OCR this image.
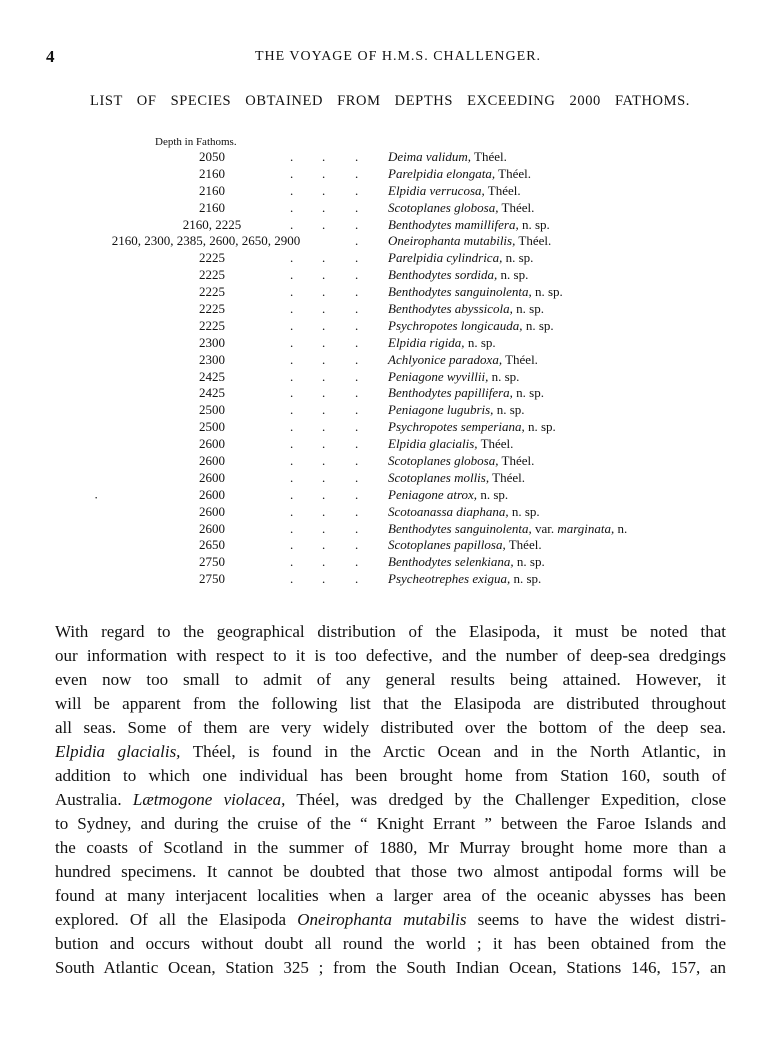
4	THE VOYAGE OF H.M.S. CHALLENGER.
LIST OF SPECIES OBTAINED FROM DEPTHS EXCEEDING 2000 FATHOMS.
Depth in Fathoms.
2050	. . . Deima validum, Théel.
2160	. . . Parelpidia elongata, Théel.
2160	. . . Elpidia verrucosa, Théel.
2160	. . . Scotoplanes globosa, Théel.
2160, 2225	. . . Benthodytes mamillifera, n. sp.
2160, 2300, 2385, 2600, 2650, 2900	. Oneirophanta mutabilis, Théel.
2225	. . . Parelpidia cylindrica, n. sp.
2225	. . . Benthodytes sordida, n. sp.
2225	. . . Benthodytes sanguinolenta, n. sp.
2225	. . . Benthodytes abyssicola, n. sp.
2225	. . . Psychropotes longicauda, n. sp.
2300	. . . Elpidia rigida, n. sp.
2300	. . . Achlyonice paradoxa, Théel.
2425	. . . Peniagone wyvillii, n. sp.
2425	. . . Benthodytes papillifera, n. sp.
2500	. . . Peniagone lugubris, n. sp.
2500	. . . Psychropotes semperiana, n. sp.
2600	. . . Elpidia glacialis, Théel.
2600	. . . Scotoplanes globosa, Théel.
2600	. . . Scotoplanes mollis, Théel.
2600	. . . Peniagone atrox, n. sp.
2600	. . . Scotoanassa diaphana, n. sp.
2600	. . . Benthodytes sanguinolenta, var. marginata, n.
2650	. . . Scotoplanes papillosa, Théel.
2750	. . . Benthodytes selenkiana, n. sp.
2750	. . . Psycheotrephes exigua, n. sp.
·
With regard to the geographical distribution of the Elasipoda, it must be noted that
our information with respect to it is too defective, and the number of deep-sea dredgings
even now too small to admit of any general results being attained. However, it
will be apparent from the following list that the Elasipoda are distributed throughout
all seas. Some of them are very widely distributed over the bottom of the deep sea.
Elpidia glacialis, Théel, is found in the Arctic Ocean and in the North Atlantic, in
addition to which one individual has been brought home from Station 160, south of
Australia. Lætmogone violacea, Théel, was dredged by the Challenger Expedition, close
to Sydney, and during the cruise of the “ Knight Errant ” between the Faroe Islands and
the coasts of Scotland in the summer of 1880, Mr Murray brought home more than a
hundred specimens. It cannot be doubted that those two almost antipodal forms will be
found at many interjacent localities when a larger area of the oceanic abysses has been
explored. Of all the Elasipoda Oneirophanta mutabilis seems to have the widest distri-
bution and occurs without doubt all round the world ; it has been obtained from the
South Atlantic Ocean, Station 325 ; from the South Indian Ocean, Stations 146, 157, an
